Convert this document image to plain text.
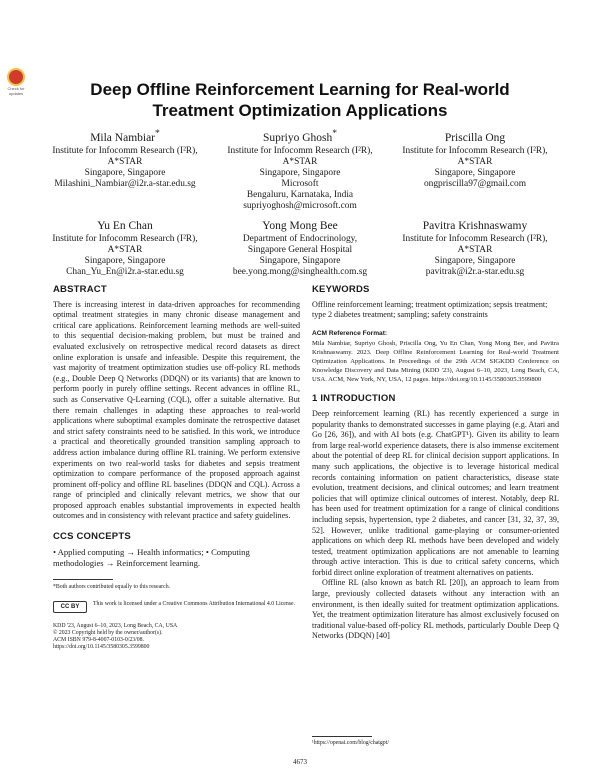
Check for updates	Deep Offline Reinforcement Learning for Real-world Treatment Optimization Applications
Mila Nambiar*
Institute for Infocomm Research (I²R),
A*STAR
Singapore, Singapore
Milashini_Nambiar@i2r.a-star.edu.sg
Supriyo Ghosh*
Institute for Infocomm Research (I²R),
A*STAR
Singapore, Singapore
Microsoft
Bengaluru, Karnataka, India
supriyoghosh@microsoft.com
Priscilla Ong
Institute for Infocomm Research (I²R),
A*STAR
Singapore, Singapore
ongpriscilla97@gmail.com
Yu En Chan
Institute for Infocomm Research (I²R),
A*STAR
Singapore, Singapore
Chan_Yu_En@i2r.a-star.edu.sg
Yong Mong Bee
Department of Endocrinology,
Singapore General Hospital
Singapore, Singapore
bee.yong.mong@singhealth.com.sg
Pavitra Krishnaswamy
Institute for Infocomm Research (I²R),
A*STAR
Singapore, Singapore
pavitrak@i2r.a-star.edu.sg
ABSTRACT

There is increasing interest in data-driven approaches for recommending optimal treatment strategies in many chronic disease management and critical care applications. Reinforcement learning methods are well-suited to this sequential decision-making problem, but must be trained and evaluated exclusively on retrospective medical record datasets as direct online exploration is unsafe and infeasible. Despite this requirement, the vast majority of treatment optimization studies use off-policy RL methods (e.g., Double Deep Q Networks (DDQN) or its variants) that are known to perform poorly in purely offline settings. Recent advances in offline RL, such as Conservative Q-Learning (CQL), offer a suitable alternative. But there remain challenges in adapting these approaches to real-world applications where suboptimal examples dominate the retrospective dataset and strict safety constraints need to be satisfied. In this work, we introduce a practical and theoretically grounded transition sampling approach to address action imbalance during offline RL training. We perform extensive experiments on two real-world tasks for diabetes and sepsis treatment optimization to compare performance of the proposed approach against prominent off-policy and offline RL baselines (DDQN and CQL). Across a range of principled and clinically relevant metrics, we show that our proposed approach enables substantial improvements in expected health outcomes and in consistency with relevant practice and safety guidelines.

CCS CONCEPTS
• Applied computing → Health informatics; • Computing methodologies → Reinforcement learning.
*Both authors contributed equally to this research.
CC BY	This work is licensed under a Creative Commons Attribution International 4.0 License.
KDD '23, August 6–10, 2023, Long Beach, CA, USA
© 2023 Copyright held by the owner/author(s).
ACM ISBN 979-8-4007-0103-0/23/08.
https://doi.org/10.1145/3580305.3599800
KEYWORDS

Offline reinforcement learning; treatment optimization; sepsis treatment; type 2 diabetes treatment; sampling; safety constraints

ACM Reference Format:

Mila Nambiar, Supriyo Ghosh, Priscilla Ong, Yu En Chan, Yong Mong Bee, and Pavitra Krishnaswamy. 2023. Deep Offline Reinforcement Learning for Real-world Treatment Optimization Applications. In Proceedings of the 29th ACM SIGKDD Conference on Knowledge Discovery and Data Mining (KDD '23), August 6–10, 2023, Long Beach, CA, USA. ACM, New York, NY, USA, 12 pages. https://doi.org/10.1145/3580305.3599800

1 INTRODUCTION

Deep reinforcement learning (RL) has recently experienced a surge in popularity thanks to demonstrated successes in game playing (e.g. Atari and Go [26, 36]), and with AI bots (e.g. ChatGPT¹). Given its ability to learn from large real-world experience datasets, there is also immense excitement about the potential of deep RL for clinical decision support applications. In many such applications, the objective is to leverage historical medical records containing information on patient characteristics, disease state evolution, treatment decisions, and clinical outcomes; and learn treatment policies that will optimize clinical outcomes of interest. Notably, deep RL has been used for treatment optimization for a range of clinical conditions including sepsis, hypertension, type 2 diabetes, and cancer [31, 32, 37, 39, 52]. However, unlike traditional game-playing or consumer-oriented applications on which deep RL methods have been developed and widely tested, treatment optimization applications are not amenable to learning through active interaction. This is due to critical safety concerns, which forbid direct online exploration of treatment alternatives on patients.

Offline RL (also known as batch RL [20]), an approach to learn from large, previously collected datasets without any interaction with an environment, is then ideally suited for treatment optimization applications. Yet, the treatment optimization literature has almost exclusively focused on traditional value-based off-policy RL methods, particularly Double Deep Q Networks (DDQN) [40]

¹https://openai.com/blog/chatgpt/
4673
